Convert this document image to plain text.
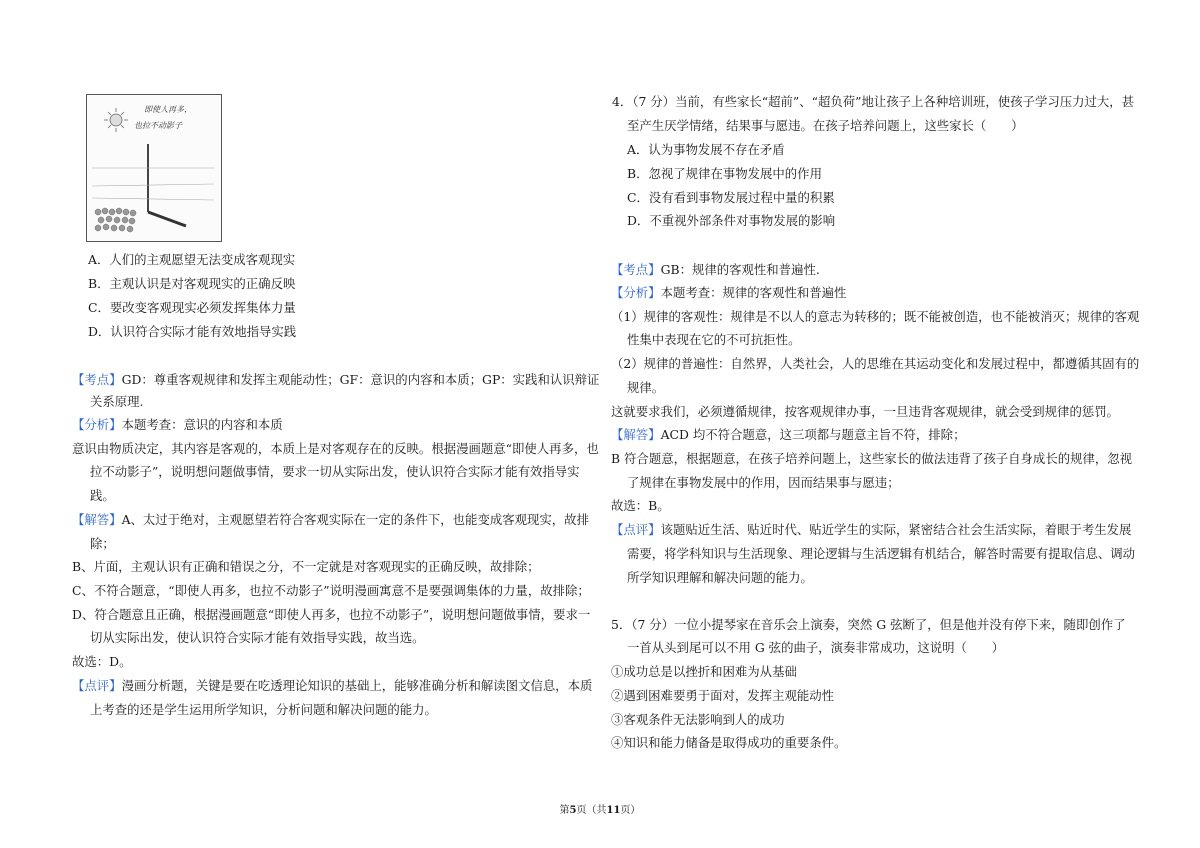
即使人再多，
也拉不动影子
A．人们的主观愿望无法变成客观现实
B．主观认识是对客观现实的正确反映
C．要改变客观现实必须发挥集体力量
D．认识符合实际才能有效地指导实践
【考点】GD：尊重客观规律和发挥主观能动性；GF：意识的内容和本质；GP：实践和认识辩证
关系原理.
【分析】本题考查：意识的内容和本质
意识由物质决定，其内容是客观的，本质上是对客观存在的反映。根据漫画题意“即使人再多，也
拉不动影子”，说明想问题做事情，要求一切从实际出发，使认识符合实际才能有效指导实
践。
【解答】A、太过于绝对，主观愿望若符合客观实际在一定的条件下，也能变成客观现实，故排
除；
B、片面，主观认识有正确和错误之分，不一定就是对客观现实的正确反映，故排除；
C、不符合题意，“即使人再多，也拉不动影子”说明漫画寓意不是要强调集体的力量，故排除；
D、符合题意且正确，根据漫画题意“即使人再多，也拉不动影子”，说明想问题做事情，要求一
切从实际出发，使认识符合实际才能有效指导实践，故当选。
故选：D。
【点评】漫画分析题，关键是要在吃透理论知识的基础上，能够准确分析和解读图文信息，本质
上考查的还是学生运用所学知识，分析问题和解决问题的能力。
4．（7 分）当前，有些家长“超前”、“超负荷”地让孩子上各种培训班，使孩子学习压力过大，甚
至产生厌学情绪，结果事与愿违。在孩子培养问题上，这些家长（　　）
A．认为事物发展不存在矛盾
B．忽视了规律在事物发展中的作用
C．没有看到事物发展过程中量的积累
D．不重视外部条件对事物发展的影响
【考点】GB：规律的客观性和普遍性.
【分析】本题考查：规律的客观性和普遍性
（1）规律的客观性：规律是不以人的意志为转移的；既不能被创造，也不能被消灭；规律的客观
性集中表现在它的不可抗拒性。
（2）规律的普遍性：自然界，人类社会，人的思维在其运动变化和发展过程中，都遵循其固有的
规律。
这就要求我们，必须遵循规律，按客观规律办事，一旦违背客观规律，就会受到规律的惩罚。
【解答】ACD 均不符合题意，这三项都与题意主旨不符，排除；
B 符合题意，根据题意，在孩子培养问题上，这些家长的做法违背了孩子自身成长的规律，忽视
了规律在事物发展中的作用，因而结果事与愿违；
故选：B。
【点评】该题贴近生活、贴近时代、贴近学生的实际，紧密结合社会生活实际，着眼于考生发展
需要，将学科知识与生活现象、理论逻辑与生活逻辑有机结合，解答时需要有提取信息、调动
所学知识理解和解决问题的能力。
5．（7 分）一位小提琴家在音乐会上演奏，突然 G 弦断了，但是他并没有停下来，随即创作了
一首从头到尾可以不用 G 弦的曲子，演奏非常成功，这说明（　　）
①成功总是以挫折和困难为从基础
②遇到困难要勇于面对，发挥主观能动性
③客观条件无法影响到人的成功
④知识和能力储备是取得成功的重要条件。
第5页（共11页）
